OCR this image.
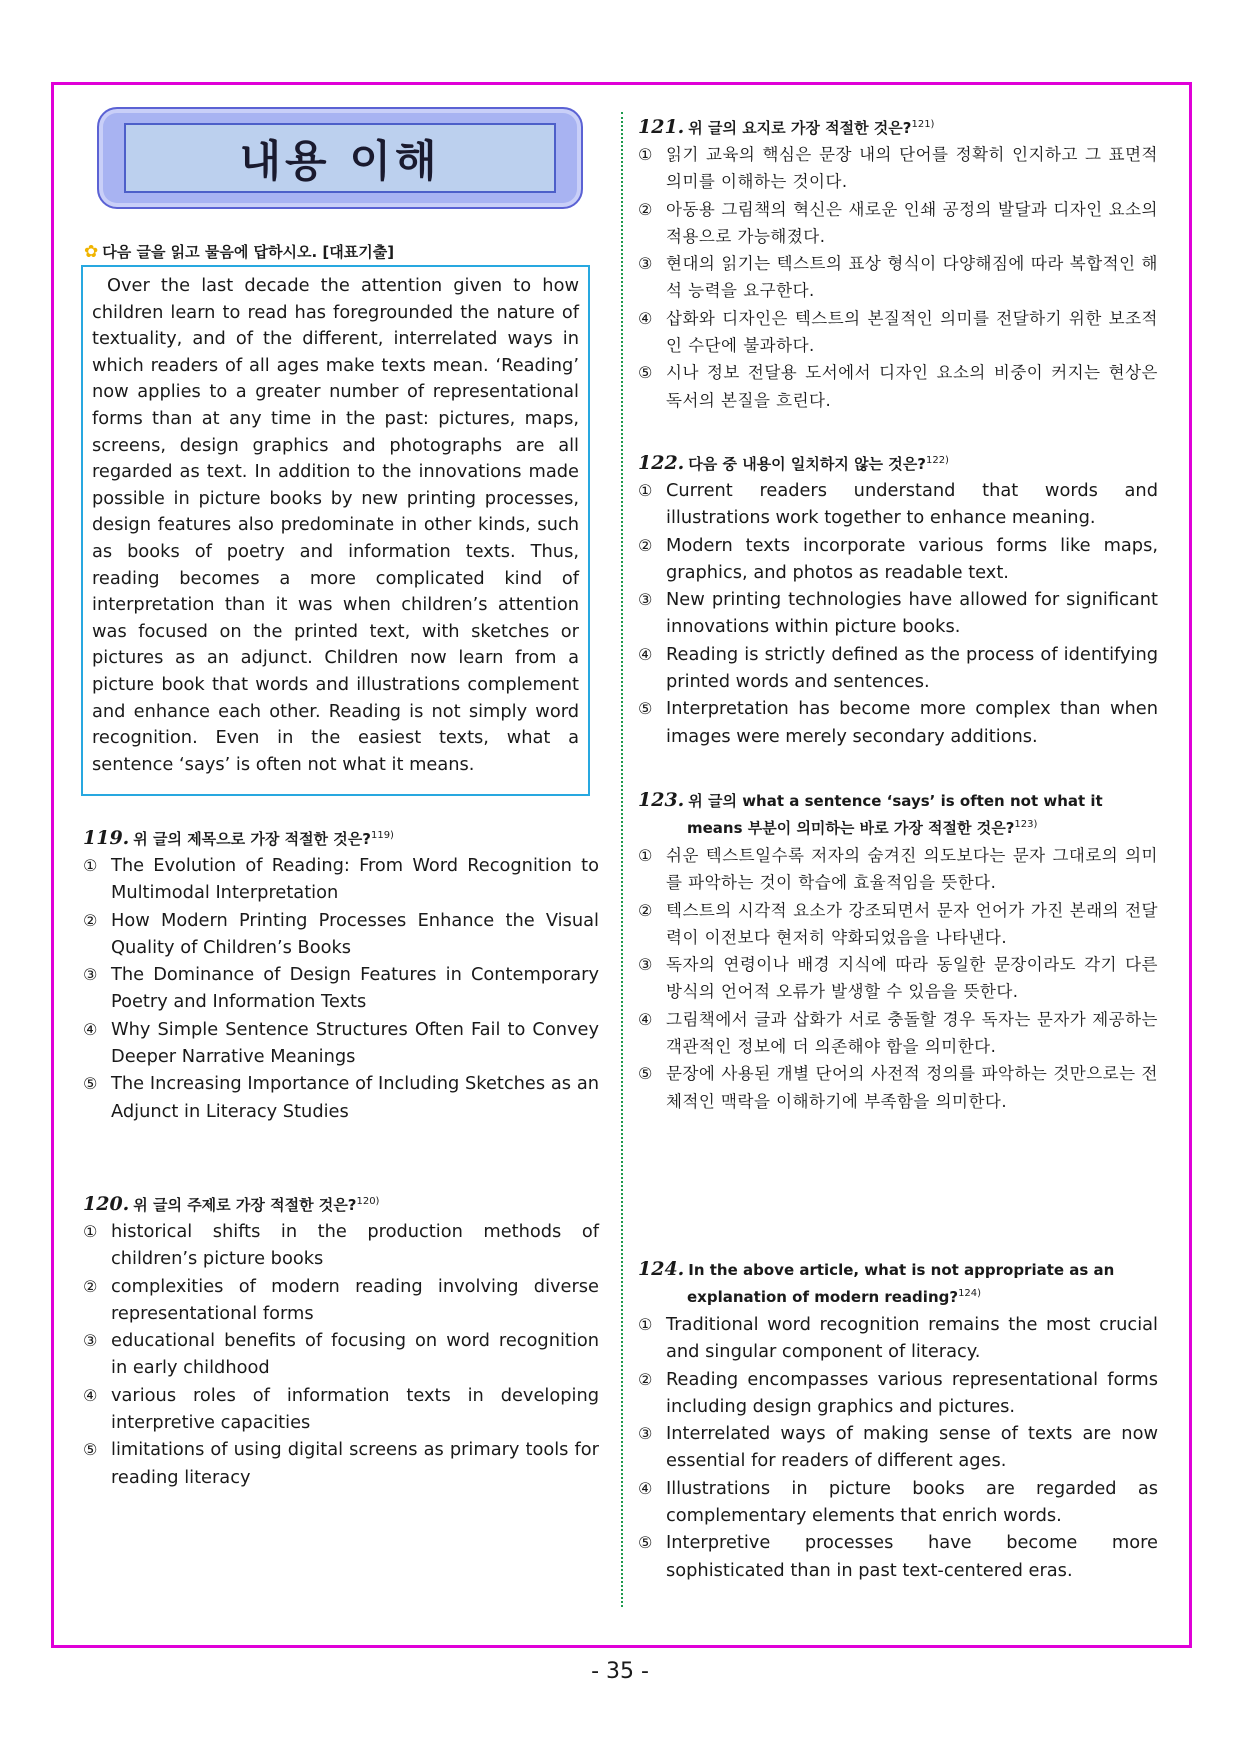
내용 이해
✿ 다음 글을 읽고 물음에 답하시오. [대표기출]

Over the last decade the attention given to how children learn to read has foregrounded the nature of textuality, and of the different, interrelated ways in which readers of all ages make texts mean. ‘Reading’ now applies to a greater number of representational forms than at any time in the past: pictures, maps, screens, design graphics and photographs are all regarded as text. In addition to the innovations made possible in picture books by new printing processes, design features also predominate in other kinds, such as books of poetry and information texts. Thus, reading becomes a more complicated kind of interpretation than it was when children’s attention was focused on the printed text, with sketches or pictures as an adjunct. Children now learn from a picture book that words and illustrations complement and enhance each other. Reading is not simply word recognition. Even in the easiest texts, what a sentence ‘says’ is often not what it means.

119. 위 글의 제목으로 가장 적절한 것은?$^{119)}$
① The Evolution of Reading: From Word Recognition to Multimodal Interpretation
② How Modern Printing Processes Enhance the Visual Quality of Children’s Books
③ The Dominance of Design Features in Contemporary Poetry and Information Texts
④ Why Simple Sentence Structures Often Fail to Convey Deeper Narrative Meanings
⑤ The Increasing Importance of Including Sketches as an Adjunct in Literacy Studies
120. 위 글의 주제로 가장 적절한 것은?$^{120)}$
① historical shifts in the production methods of children’s picture books
② complexities of modern reading involving diverse representational forms
③ educational benefits of focusing on word recognition in early childhood
④ various roles of information texts in developing interpretive capacities
⑤ limitations of using digital screens as primary tools for reading literacy
121. 위 글의 요지로 가장 적절한 것은?$^{121)}$
① 읽기 교육의 핵심은 문장 내의 단어를 정확히 인지하고 그 표면적 의미를 이해하는 것이다.
② 아동용 그림책의 혁신은 새로운 인쇄 공정의 발달과 디자인 요소의 적용으로 가능해졌다.
③ 현대의 읽기는 텍스트의 표상 형식이 다양해짐에 따라 복합적인 해석 능력을 요구한다.
④ 삽화와 디자인은 텍스트의 본질적인 의미를 전달하기 위한 보조적인 수단에 불과하다.
⑤ 시나 정보 전달용 도서에서 디자인 요소의 비중이 커지는 현상은 독서의 본질을 흐린다.
122. 다음 중 내용이 일치하지 않는 것은?$^{122)}$
① Current readers understand that words and illustrations work together to enhance meaning.
② Modern texts incorporate various forms like maps, graphics, and photos as readable text.
③ New printing technologies have allowed for significant innovations within picture books.
④ Reading is strictly defined as the process of identifying printed words and sentences.
⑤ Interpretation has become more complex than when images were merely secondary additions.
123. 위 글의 what a sentence ‘says’ is often not what it
means 부분이 의미하는 바로 가장 적절한 것은?$^{123)}$
① 쉬운 텍스트일수록 저자의 숨겨진 의도보다는 문자 그대로의 의미를 파악하는 것이 학습에 효율적임을 뜻한다.
② 텍스트의 시각적 요소가 강조되면서 문자 언어가 가진 본래의 전달력이 이전보다 현저히 약화되었음을 나타낸다.
③ 독자의 연령이나 배경 지식에 따라 동일한 문장이라도 각기 다른 방식의 언어적 오류가 발생할 수 있음을 뜻한다.
④ 그림책에서 글과 삽화가 서로 충돌할 경우 독자는 문자가 제공하는 객관적인 정보에 더 의존해야 함을 의미한다.
⑤ 문장에 사용된 개별 단어의 사전적 정의를 파악하는 것만으로는 전체적인 맥락을 이해하기에 부족함을 의미한다.
124. In the above article, what is not appropriate as an
explanation of modern reading?$^{124)}$
① Traditional word recognition remains the most crucial and singular component of literacy.
② Reading encompasses various representational forms including design graphics and pictures.
③ Interrelated ways of making sense of texts are now essential for readers of different ages.
④ Illustrations in picture books are regarded as complementary elements that enrich words.
⑤ Interpretive processes have become more sophisticated than in past text-centered eras.
- 35 -
